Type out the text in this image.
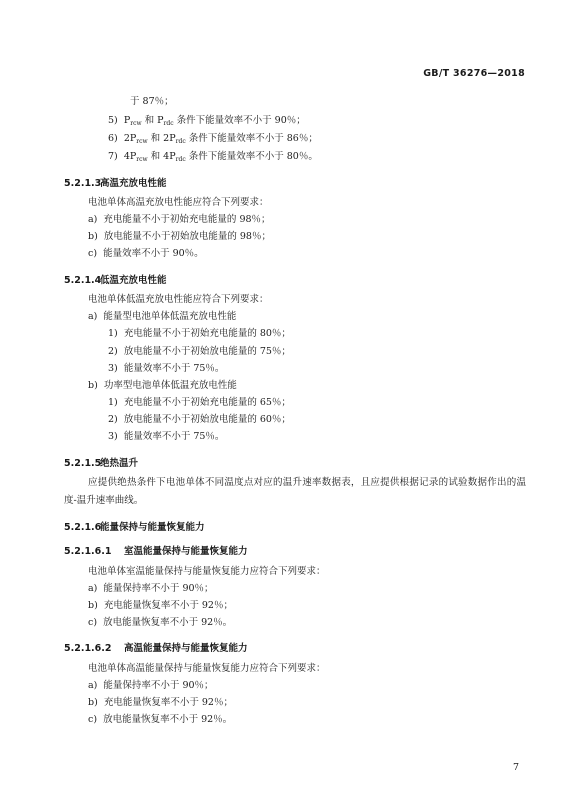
GB/T 36276—2018
于 87％；
5) $P_{rcw}$ 和 $P_{rdc}$ 条件下能量效率不小于 90％；
6) $2P_{rcw}$ 和 $2P_{rdc}$ 条件下能量效率不小于 86％；
7) $4P_{rcw}$ 和 $4P_{rdc}$ 条件下能量效率不小于 80％。
5.2.1.3高温充放电性能
电池单体高温充放电性能应符合下列要求：
a) 充电能量不小于初始充电能量的 98％；
b) 放电能量不小于初始放电能量的 98％；
c) 能量效率不小于 90％。
5.2.1.4低温充放电性能
电池单体低温充放电性能应符合下列要求：
a) 能量型电池单体低温充放电性能
1) 充电能量不小于初始充电能量的 80％；
2) 放电能量不小于初始放电能量的 75％；
3) 能量效率不小于 75％。
b) 功率型电池单体低温充放电性能
1) 充电能量不小于初始充电能量的 65％；
2) 放电能量不小于初始放电能量的 60％；
3) 能量效率不小于 75％。
5.2.1.5绝热温升
应提供绝热条件下电池单体不同温度点对应的温升速率数据表，且应提供根据记录的试验数据作出的温度-温升速率曲线。
5.2.1.6能量保持与能量恢复能力
5.2.1.6.1 室温能量保持与能量恢复能力
电池单体室温能量保持与能量恢复能力应符合下列要求：
a) 能量保持率不小于 90％；
b) 充电能量恢复率不小于 92％；
c) 放电能量恢复率不小于 92％。
5.2.1.6.2 高温能量保持与能量恢复能力
电池单体高温能量保持与能量恢复能力应符合下列要求：
a) 能量保持率不小于 90％；
b) 充电能量恢复率不小于 92％；
c) 放电能量恢复率不小于 92％。
7
